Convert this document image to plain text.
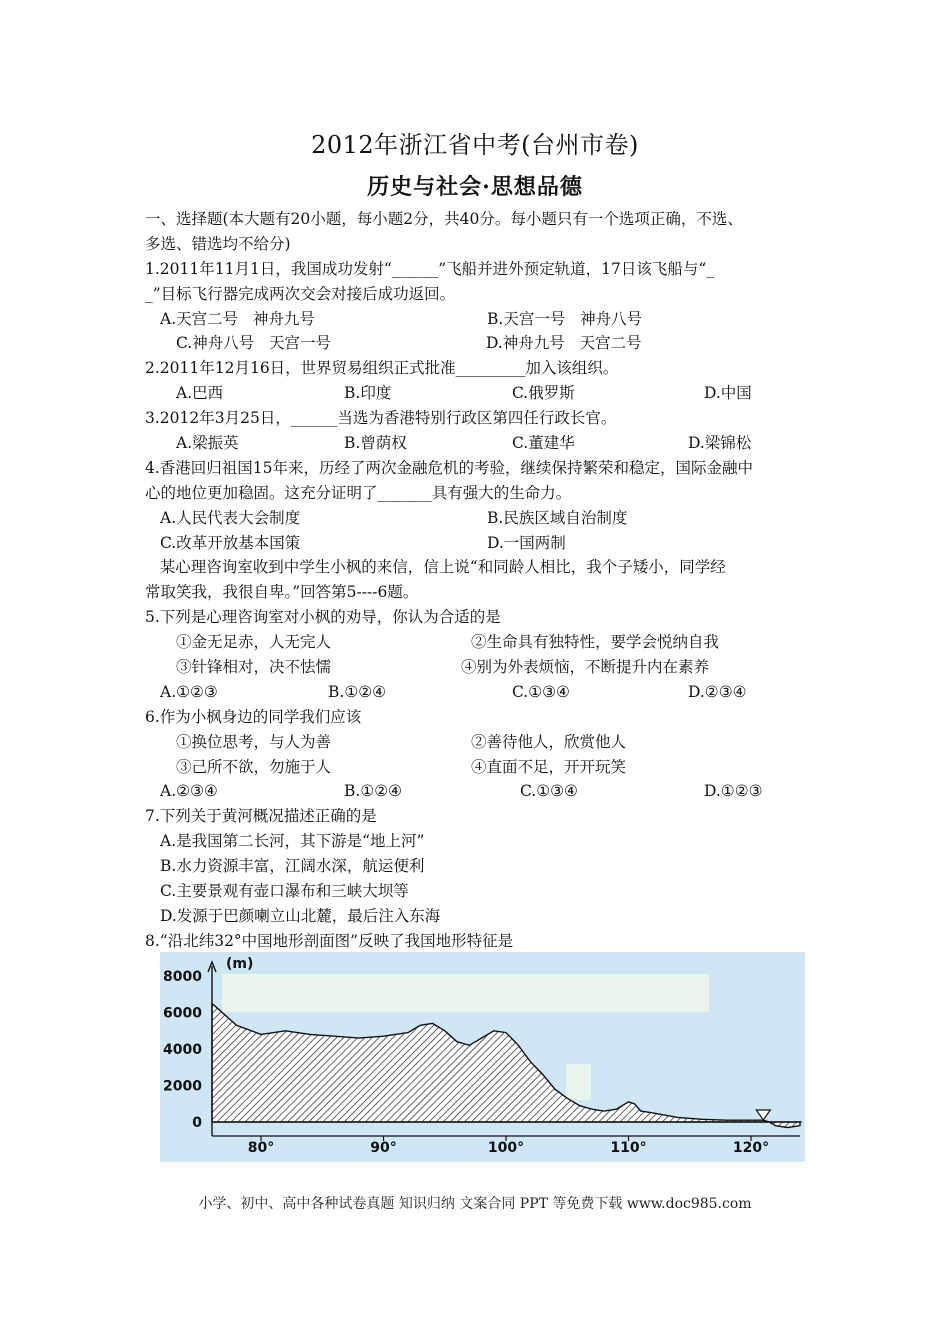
2012年浙江省中考(台州市卷)
历史与社会·思想品德
一、选择题(本大题有20小题，每小题2分，共40分。每小题只有一个选项正确，不选、
多选、错选均不给分)
1.2011年11月1日，我国成功发射“______”飞船并进外预定轨道，17日该飞船与“_
_”目标飞行器完成两次交会对接后成功返回。
A.天宫二号   神舟九号	B.天宫一号   神舟八号
C.神舟八号   天宫一号	D.神舟九号   天宫二号
2.2011年12月16日，世界贸易组织正式批准_________加入该组织。
A.巴西	B.印度	C.俄罗斯	D.中国
3.2012年3月25日，______当选为香港特别行政区第四任行政长官。
A.梁振英	B.曾荫权	C.董建华	D.梁锦松
4.香港回归祖国15年来，历经了两次金融危机的考验，继续保持繁荣和稳定，国际金融中
心的地位更加稳固。这充分证明了_______具有强大的生命力。
A.人民代表大会制度	B.民族区域自治制度
C.改革开放基本国策	D.一国两制
某心理咨询室收到中学生小枫的来信，信上说“和同龄人相比，我个子矮小，同学经
常取笑我，我很自卑。”回答第5----6题。
5.下列是心理咨询室对小枫的劝导，你认为合适的是
①金无足赤，人无完人	②生命具有独特性，要学会悦纳自我
③针锋相对，决不怯懦	④别为外表烦恼，不断提升内在素养
A.①②③	B.①②④	C.①③④	D.②③④
6.作为小枫身边的同学我们应该
①换位思考，与人为善	②善待他人，欣赏他人
③己所不欲，勿施于人	④直面不足，开开玩笑
A.②③④	B.①②④	C.①③④	D.①②③
7.下列关于黄河概况描述正确的是
A.是我国第二长河，其下游是“地上河”
B.水力资源丰富，江阔水深，航运便利
C.主要景观有壶口瀑布和三峡大坝等
D.发源于巴颜喇立山北麓，最后注入东海
8.“沿北纬32°中国地形剖面图”反映了我国地形特征是
(m)
8000
6000
4000
2000
0
80°	90°	100°	110°	120°
小学、初中、高中各种试卷真题 知识归纳 文案合同 PPT 等免费下载 www.doc985.com
